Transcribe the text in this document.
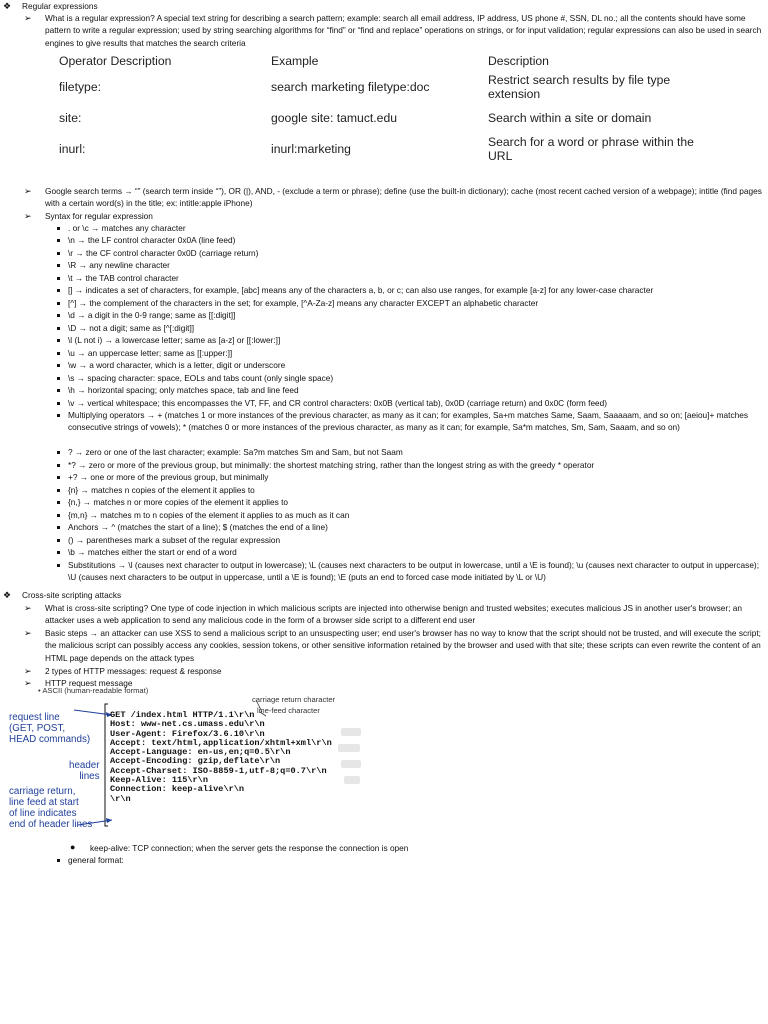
❖ Regular expressions
➢ What is a regular expression? A special text string for describing a search pattern; example: search all email address, IP address, US phone #, SSN, DL no.; all the contents should have some pattern to write a regular expression; used by string searching algorithms for “find” or “find and replace” operations on strings, or for input validation; regular expressions can also be used in search engines to give results that matches the search criteria
Operator Description	Example	Description
filetype:	search marketing filetype:doc	Restrict search results by file type extension
site:	google site: tamuct.edu	Search within a site or domain
inurl:	inurl:marketing	Search for a word or phrase within the URL
➢ Google search terms → “” (search term inside “”), OR (|), AND, - (exclude a term or phrase); define (use the built-in dictionary); cache (most recent cached version of a webpage); intitle (find pages with a certain word(s) in the title; ex: intitle:apple iPhone)
➢ Syntax for regular expression
. or \c → matches any character
\n → the LF control character 0x0A (line feed)
\r → the CF control character 0x0D (carriage return)
\R → any newline character
\t → the TAB control character
[] → indicates a set of characters, for example, [abc] means any of the characters a, b, or c; can also use ranges, for example [a-z] for any lower-case character
[^] → the complement of the characters in the set; for example, [^A-Za-z] means any character EXCEPT an alphabetic character
\d → a digit in the 0-9 range; same as [[:digit]]
\D → not a digit; same as [^[:digit]]
\l (L not i) → a lowercase letter; same as [a-z] or [[:lower:]]
\u → an uppercase letter; same as [[:upper:]]
\w → a word character, which is a letter, digit or underscore
\s → spacing character: space, EOLs and tabs count (only single space)
\h → horizontal spacing; only matches space, tab and line feed
\v → vertical whitespace; this encompasses the VT, FF, and CR control characters: 0x0B (vertical tab), 0x0D (carriage return) and 0x0C (form feed)
Multiplying operators → + (matches 1 or more instances of the previous character, as many as it can; for examples, Sa+m matches Same, Saam, Saaaaam, and so on; [aeiou]+ matches consecutive strings of vowels); * (matches 0 or more instances of the previous character, as many as it can; for example, Sa*m matches, Sm, Sam, Saaam, and so on)
? → zero or one of the last character; example: Sa?m matches Sm and Sam, but not Saam
*? → zero or more of the previous group, but minimally: the shortest matching string, rather than the longest string as with the greedy * operator
+? → one or more of the previous group, but minimally
{n} → matches n copies of the element it applies to
{n,} → matches n or more copies of the element it applies to
{m,n} → matches m to n copies of the element it applies to as much as it can
Anchors → ^ (matches the start of a line); $ (matches the end of a line)
() → parentheses mark a subset of the regular expression
\b → matches either the start or end of a word
Substitutions → \l (causes next character to output in lowercase); \L (causes next characters to be output in lowercase, until a \E is found); \u (causes next character to output in uppercase); \U (causes next characters to be output in uppercase, until a \E is found); \E (puts an end to forced case mode initiated by \L or \U)
❖ Cross-site scripting attacks
➢ What is cross-site scripting? One type of code injection in which malicious scripts are injected into otherwise benign and trusted websites; executes malicious JS in another user's browser; an attacker uses a web application to send any malicious code in the form of a browser side script to a different end user
➢ Basic steps → an attacker can use XSS to send a malicious script to an unsuspecting user; end user's browser has no way to know that the script should not be trusted, and will execute the script; the malicious script can possibly access any cookies, session tokens, or other sensitive information retained by the browser and used with that site; these scripts can even rewrite the content of an HTML page depends on the attack types
➢ 2 types of HTTP messages: request & response
➢ HTTP request message
• ASCII (human-readable format)
carriage return character
line-feed character
request line
(GET, POST,
HEAD commands)
header
lines
carriage return,
line feed at start
of line indicates
end of header lines
GET /index.html HTTP/1.1\r\n
Host: www-net.cs.umass.edu\r\n
User-Agent: Firefox/3.6.10\r\n
Accept: text/html,application/xhtml+xml\r\n
Accept-Language: en-us,en;q=0.5\r\n
Accept-Encoding: gzip,deflate\r\n
Accept-Charset: ISO-8859-1,utf-8;q=0.7\r\n
Keep-Alive: 115\r\n
Connection: keep-alive\r\n
\r\n
● keep-alive: TCP connection; when the server gets the response the connection is open
general format:
